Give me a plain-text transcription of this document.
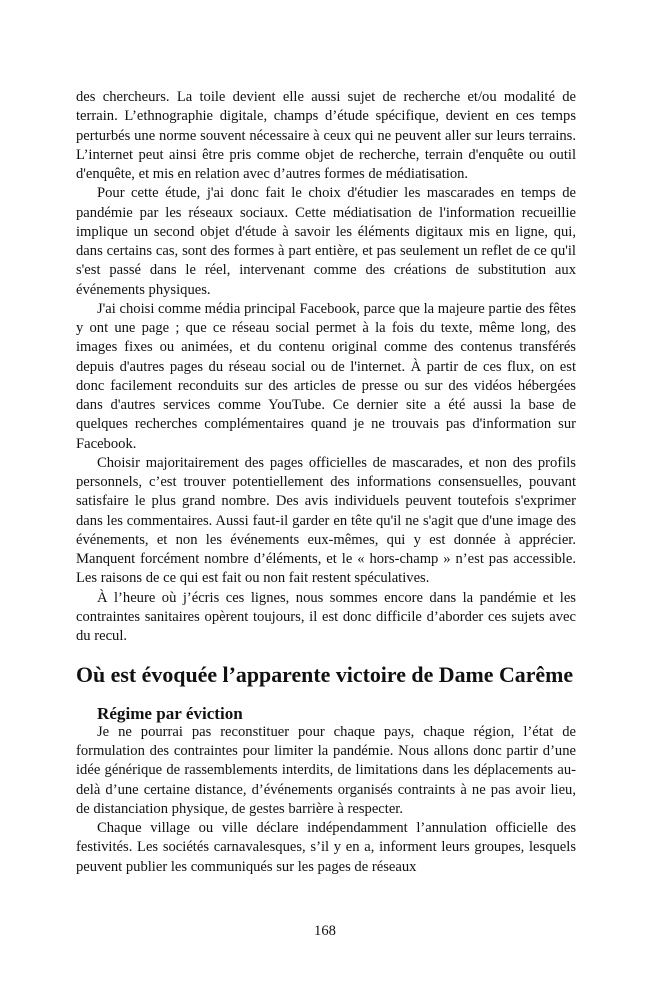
des chercheurs. La toile devient elle aussi sujet de recherche et/ou modalité de terrain. L’ethnographie digitale, champs d’étude spécifique, devient en ces temps perturbés une norme souvent nécessaire à ceux qui ne peuvent aller sur leurs terrains. L’internet peut ainsi être pris comme objet de recherche, terrain d'enquête ou outil d'enquête, et mis en relation avec d’autres formes de médiatisation.

Pour cette étude, j'ai donc fait le choix d'étudier les mascarades en temps de pandémie par les réseaux sociaux. Cette médiatisation de l'information recueillie implique un second objet d'étude à savoir les éléments digitaux mis en ligne, qui, dans certains cas, sont des formes à part entière, et pas seulement un reflet de ce qu'il s'est passé dans le réel, intervenant comme des créations de substitution aux événements physiques.

J'ai choisi comme média principal Facebook, parce que la majeure partie des fêtes y ont une page ; que ce réseau social permet à la fois du texte, même long, des images fixes ou animées, et du contenu original comme des contenus transférés depuis d'autres pages du réseau social ou de l'internet. À partir de ces flux, on est donc facilement reconduits sur des articles de presse ou sur des vidéos hébergées dans d'autres services comme YouTube. Ce dernier site a été aussi la base de quelques recherches complémentaires quand je ne trouvais pas d'information sur Facebook.

Choisir majoritairement des pages officielles de mascarades, et non des profils personnels, c’est trouver potentiellement des informations consensuelles, pouvant satisfaire le plus grand nombre. Des avis individuels peuvent toutefois s'exprimer dans les commentaires. Aussi faut-il garder en tête qu'il ne s'agit que d'une image des événements, et non les événements eux-mêmes, qui y est donnée à apprécier. Manquent forcément nombre d’éléments, et le « hors-champ » n’est pas accessible. Les raisons de ce qui est fait ou non fait restent spéculatives.

À l’heure où j’écris ces lignes, nous sommes encore dans la pandémie et les contraintes sanitaires opèrent toujours, il est donc difficile d’aborder ces sujets avec du recul.

Où est évoquée l’apparente victoire de Dame Carême
Régime par éviction

Je ne pourrai pas reconstituer pour chaque pays, chaque région, l’état de formulation des contraintes pour limiter la pandémie. Nous allons donc partir d’une idée générique de rassemblements interdits, de limitations dans les déplacements au-delà d’une certaine distance, d’événements organisés contraints à ne pas avoir lieu, de distanciation physique, de gestes barrière à respecter.

Chaque village ou ville déclare indépendamment l’annulation officielle des festivités. Les sociétés carnavalesques, s’il y en a, informent leurs groupes, lesquels peuvent publier les communiqués sur les pages de réseaux

168
